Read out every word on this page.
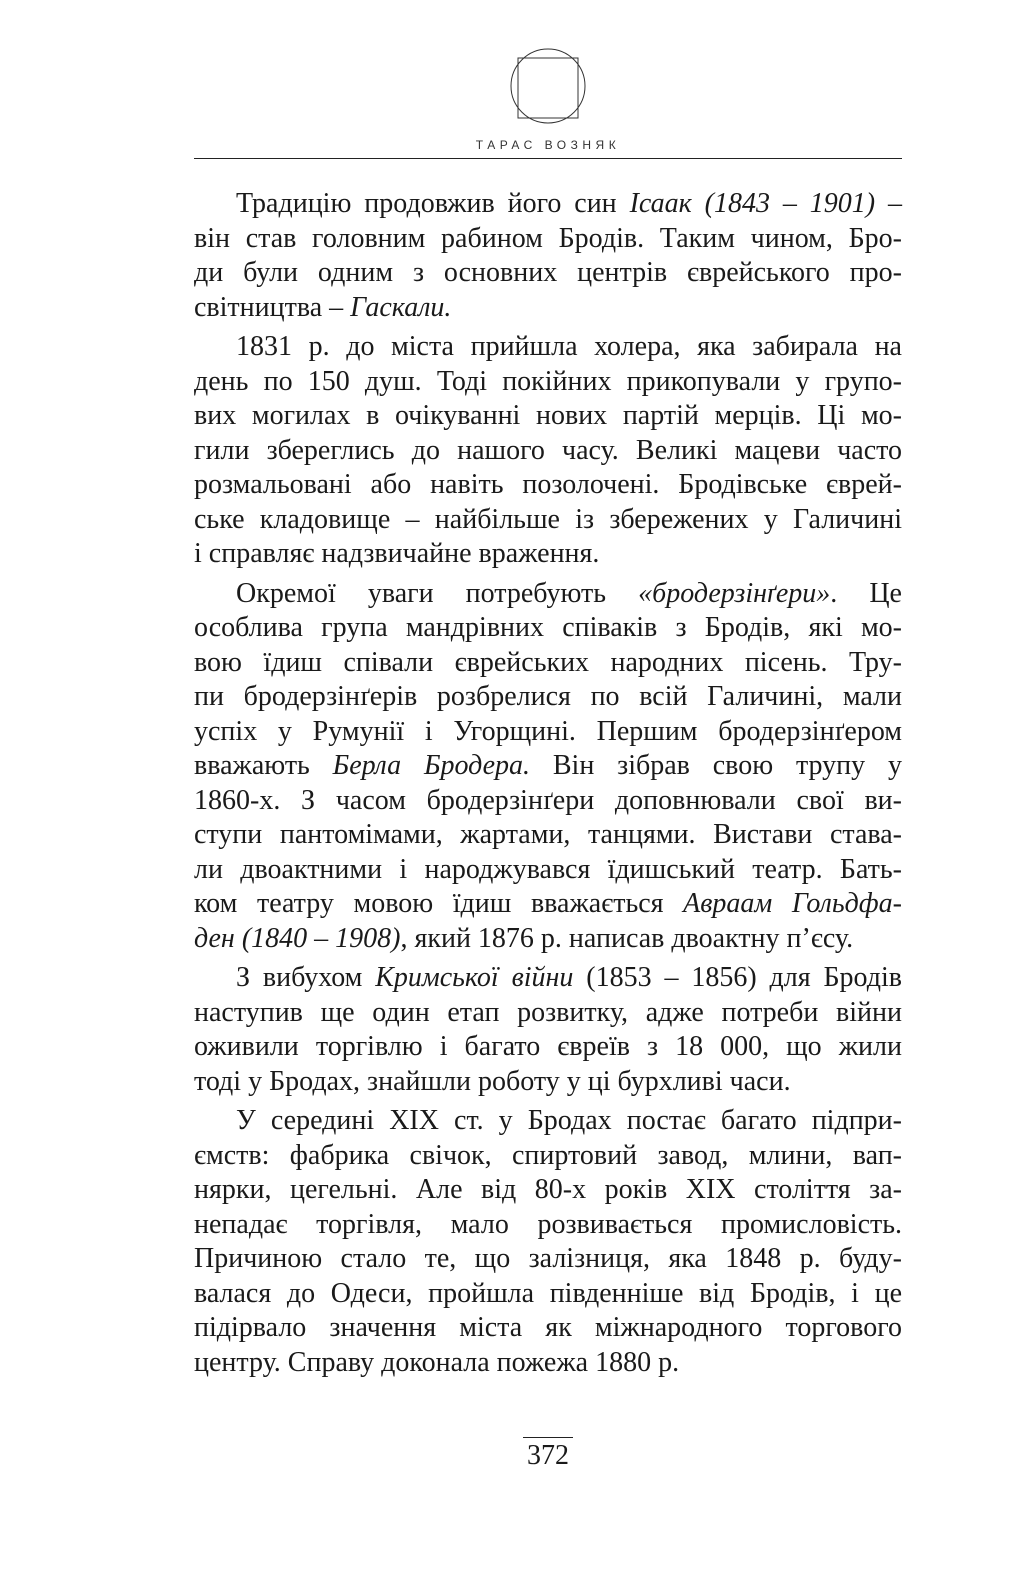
ТАРАС ВОЗНЯК
Традицію продовжив його син Ісаак (1843 – 1901) –
він став головним рабином Бродів. Таким чином, Бро-
ди були одним з основних центрів єврейського про-
світництва – Гаскали.
1831 р. до міста прийшла холера, яка забирала на
день по 150 душ. Тоді покійних прикопували у групо-
вих могилах в очікуванні нових партій мерців. Ці мо-
гили збереглись до нашого часу. Великі мацеви часто
розмальовані або навіть позолочені. Бродівське єврей-
ське кладовище – найбільше із збережених у Галичині
і справляє надзвичайне враження.
Окремої уваги потребують «бродерзінґери». Це
особлива група мандрівних співаків з Бродів, які мо-
вою їдиш співали єврейських народних пісень. Тру-
пи бродерзінґерів розбрелися по всій Галичині, мали
успіх у Румунії і Угорщині. Першим бродерзінґером
вважають Берла Бродера. Він зібрав свою трупу у
1860-х. З часом бродерзінґери доповнювали свої ви-
ступи пантомімами, жартами, танцями. Вистави става-
ли двоактними і народжувався їдишський театр. Бать-
ком театру мовою їдиш вважається Авраам Гольдфа-
ден (1840 – 1908), який 1876 р. написав двоактну п’єсу.
З вибухом Кримської війни (1853 – 1856) для Бродів
наступив ще один етап розвитку, адже потреби війни
оживили торгівлю і багато євреїв з 18 000, що жили
тоді у Бродах, знайшли роботу у ці бурхливі часи.
У середині XIX ст. у Бродах постає багато підпри-
ємств: фабрика свічок, спиртовий завод, млини, вап-
нярки, цегельні. Але від 80-х років XIX століття за-
непадає торгівля, мало розвивається промисловість.
Причиною стало те, що залізниця, яка 1848 р. буду-
валася до Одеси, пройшла південніше від Бродів, і це
підірвало значення міста як міжнародного торгового
центру. Справу доконала пожежа 1880 р.
372
